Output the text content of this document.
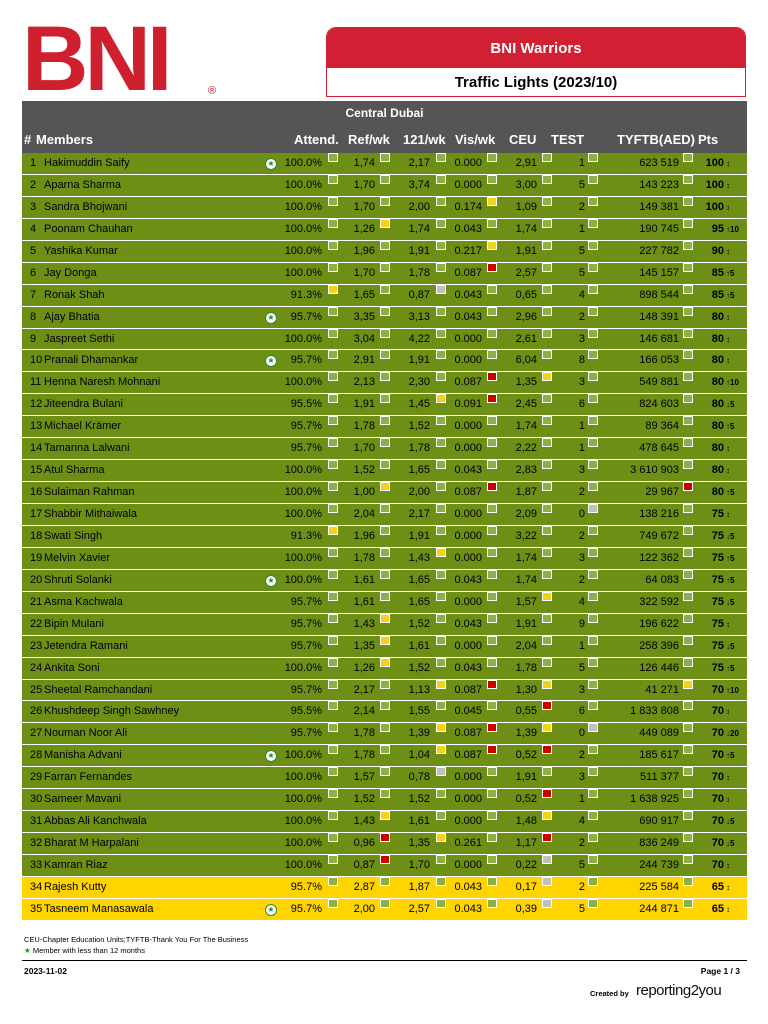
BNI	®
BNI Warriors
Traffic Lights (2023/10)
Central Dubai
# Members	Attend. Ref/wk 121/wk Vis/wk CEU TEST	TYFTB(AED) Pts
1 Hakimuddin Saify ★	100.0%	1,74	2,17	0.000	2,91	1	623 519	100 ↕
2 Aparna Sharma	100.0%	1,70	3,74	0.000	3,00	5	143 223	100 ↕
3 Sandra Bhojwani	100.0%	1,70	2,00	0.174	1,09	2	149 381	100 ↕
4 Poonam Chauhan	100.0%	1,26	1,74	0.043	1,74	1	190 745	95 ↑10
5 Yashika Kumar	100.0%	1,96	1,91	0.217	1,91	5	227 782	90 ↕
6 Jay Donga	100.0%	1,70	1,78	0.087	2,57	5	145 157	85 ↑5
7 Ronak Shah	91.3%	1,65	0,87	0.043	0,65	4	898 544	85 ↑5
8 Ajay Bhatia ★	95.7%	3,35	3,13	0.043	2,96	2	148 391	80 ↕
9 Jaspreet Sethi	100.0%	3,04	4,22	0.000	2,61	3	146 681	80 ↕
10 Pranali Dhamankar ★	95.7%	2,91	1,91	0.000	6,04	8	166 053	80 ↕
11 Henna Naresh Mohnani	100.0%	2,13	2,30	0.087	1,35	3	549 881	80 ↑10
12 Jiteendra Bulani	95.5%	1,91	1,45	0.091	2,45	6	824 603	80 ↓5
13 Michael Krämer	95.7%	1,78	1,52	0.000	1,74	1	89 364	80 ↑5
14 Tamanna Lalwani	95.7%	1,70	1,78	0.000	2,22	1	478 645	80 ↕
15 Atul Sharma	100.0%	1,52	1,65	0.043	2,83	3	3 610 903	80 ↕
16 Sulaiman Rahman	100.0%	1,00	2,00	0.087	1,87	2	29 967	80 ↑5
17 Shabbir Mithaiwala	100.0%	2,04	2,17	0.000	2,09	0	138 216	75 ↕
18 Swati Singh	91.3%	1,96	1,91	0.000	3,22	2	749 672	75 ↓5
19 Melvin Xavier	100.0%	1,78	1,43	0.000	1,74	3	122 362	75 ↑5
20 Shruti Solanki ★	100.0%	1,61	1,65	0.043	1,74	2	64 083	75 ↑5
21 Asma Kachwala	95.7%	1,61	1,65	0.000	1,57	4	322 592	75 ↓5
22 Bipin Mulani	95.7%	1,43	1,52	0.043	1,91	9	196 622	75 ↕
23 Jetendra Ramani	95.7%	1,35	1,61	0.000	2,04	1	258 396	75 ↓5
24 Ankita Soni	100.0%	1,26	1,52	0.043	1,78	5	126 446	75 ↑5
25 Sheetal Ramchandani	95.7%	2,17	1,13	0.087	1,30	3	41 271	70 ↑10
26 Khushdeep Singh Sawhney	95.5%	2,14	1,55	0.045	0,55	6	1 833 808	70 ↕
27 Nouman Noor Ali	95.7%	1,78	1,39	0.087	1,39	0	449 089	70 ↓20
28 Manisha Advani ★	100.0%	1,78	1,04	0.087	0,52	2	185 617	70 ↑5
29 Farran Fernandes	100.0%	1,57	0,78	0.000	1,91	3	511 377	70 ↕
30 Sameer Mavani	100.0%	1,52	1,52	0.000	0,52	1	1 638 925	70 ↕
31 Abbas Ali Kanchwala	100.0%	1,43	1,61	0.000	1,48	4	690 917	70 ↓5
32 Bharat M Harpalani	100.0%	0,96	1,35	0.261	1,17	2	836 249	70 ↓5
33 Kamran Riaz	100.0%	0,87	1,70	0.000	0,22	5	244 739	70 ↕
34 Rajesh Kutty	95.7%	2,87	1,87	0.043	0,17	2	225 584	65 ↕
35 Tasneem Manasawala ★	95.7%	2,00	2,57	0.043	0,39	5	244 871	65 ↕
CEU-Chapter Education Units;TYFTB-Thank You For The Business
★ Member with less than 12 months
2023-11-02	Page 1 / 3
Created by reporting2you
